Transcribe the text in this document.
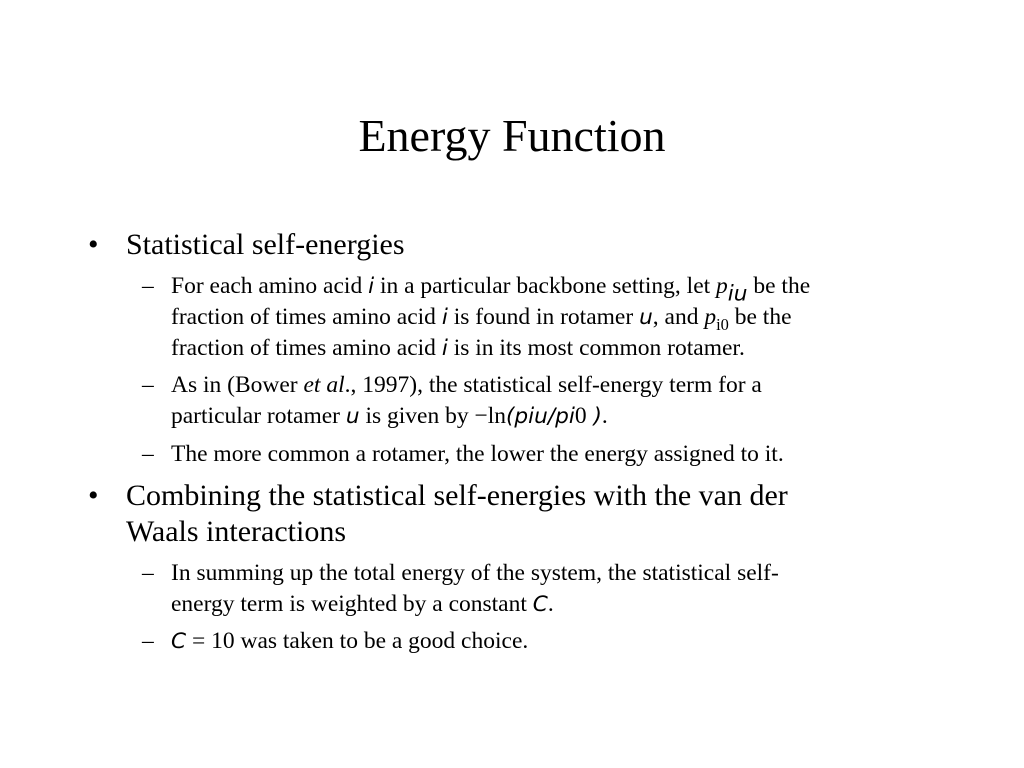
Energy Function
• Statistical self-energies
– For each amino acid i in a particular backbone setting, let $p_{iu}$ be the
fraction of times amino acid i is found in rotamer u, and $p_{i0}$ be the
fraction of times amino acid i is in its most common rotamer.
– As in (Bower et al., 1997), the statistical self-energy term for a
particular rotamer u is given by −ln(piu/pi0 ).
– The more common a rotamer, the lower the energy assigned to it.
• Combining the statistical self-energies with the van der
Waals interactions
– In summing up the total energy of the system, the statistical self-
energy term is weighted by a constant C.
– C = 10 was taken to be a good choice.
